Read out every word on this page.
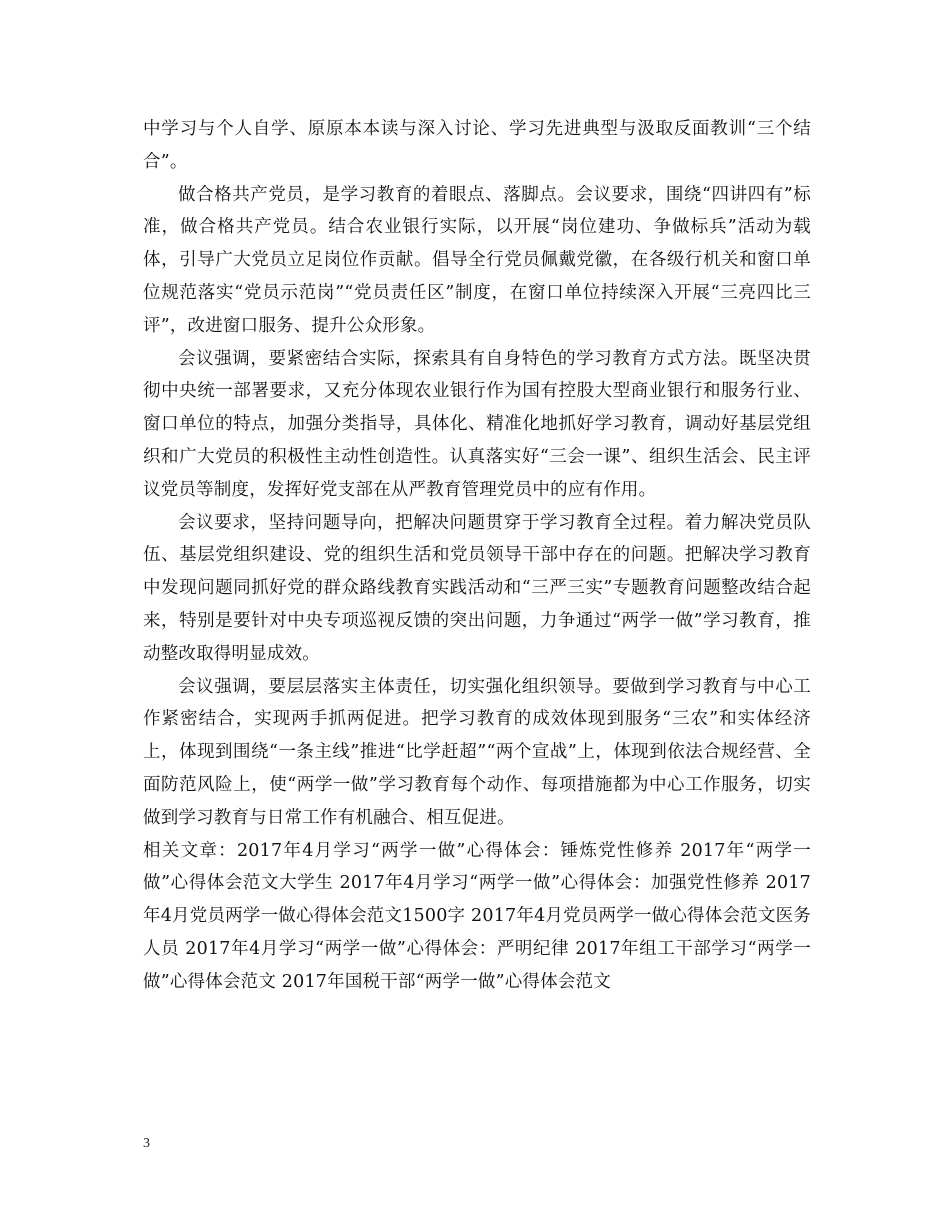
中学习与个人自学、原原本本读与深入讨论、学习先进典型与汲取反面教训“三个结合”。

做合格共产党员，是学习教育的着眼点、落脚点。会议要求，围绕“四讲四有”标准，做合格共产党员。结合农业银行实际，以开展“岗位建功、争做标兵”活动为载体，引导广大党员立足岗位作贡献。倡导全行党员佩戴党徽，在各级行机关和窗口单位规范落实“党员示范岗”“党员责任区”制度，在窗口单位持续深入开展“三亮四比三评”，改进窗口服务、提升公众形象。

会议强调，要紧密结合实际，探索具有自身特色的学习教育方式方法。既坚决贯彻中央统一部署要求，又充分体现农业银行作为国有控股大型商业银行和服务行业、窗口单位的特点，加强分类指导，具体化、精准化地抓好学习教育，调动好基层党组织和广大党员的积极性主动性创造性。认真落实好“三会一课”、组织生活会、民主评议党员等制度，发挥好党支部在从严教育管理党员中的应有作用。

会议要求，坚持问题导向，把解决问题贯穿于学习教育全过程。着力解决党员队伍、基层党组织建设、党的组织生活和党员领导干部中存在的问题。把解决学习教育中发现问题同抓好党的群众路线教育实践活动和“三严三实”专题教育问题整改结合起来，特别是要针对中央专项巡视反馈的突出问题，力争通过“两学一做”学习教育，推动整改取得明显成效。

会议强调，要层层落实主体责任，切实强化组织领导。要做到学习教育与中心工作紧密结合，实现两手抓两促进。把学习教育的成效体现到服务“三农”和实体经济上，体现到围绕“一条主线”推进“比学赶超”“两个宣战”上，体现到依法合规经营、全面防范风险上，使“两学一做”学习教育每个动作、每项措施都为中心工作服务，切实做到学习教育与日常工作有机融合、相互促进。

相关文章：2017年4月学习“两学一做”心得体会：锤炼党性修养 2017年“两学一做”心得体会范文大学生 2017年4月学习“两学一做”心得体会：加强党性修养 2017年4月党员两学一做心得体会范文1500字 2017年4月党员两学一做心得体会范文医务人员 2017年4月学习“两学一做”心得体会：严明纪律 2017年组工干部学习“两学一做”心得体会范文 2017年国税干部“两学一做”心得体会范文

3
